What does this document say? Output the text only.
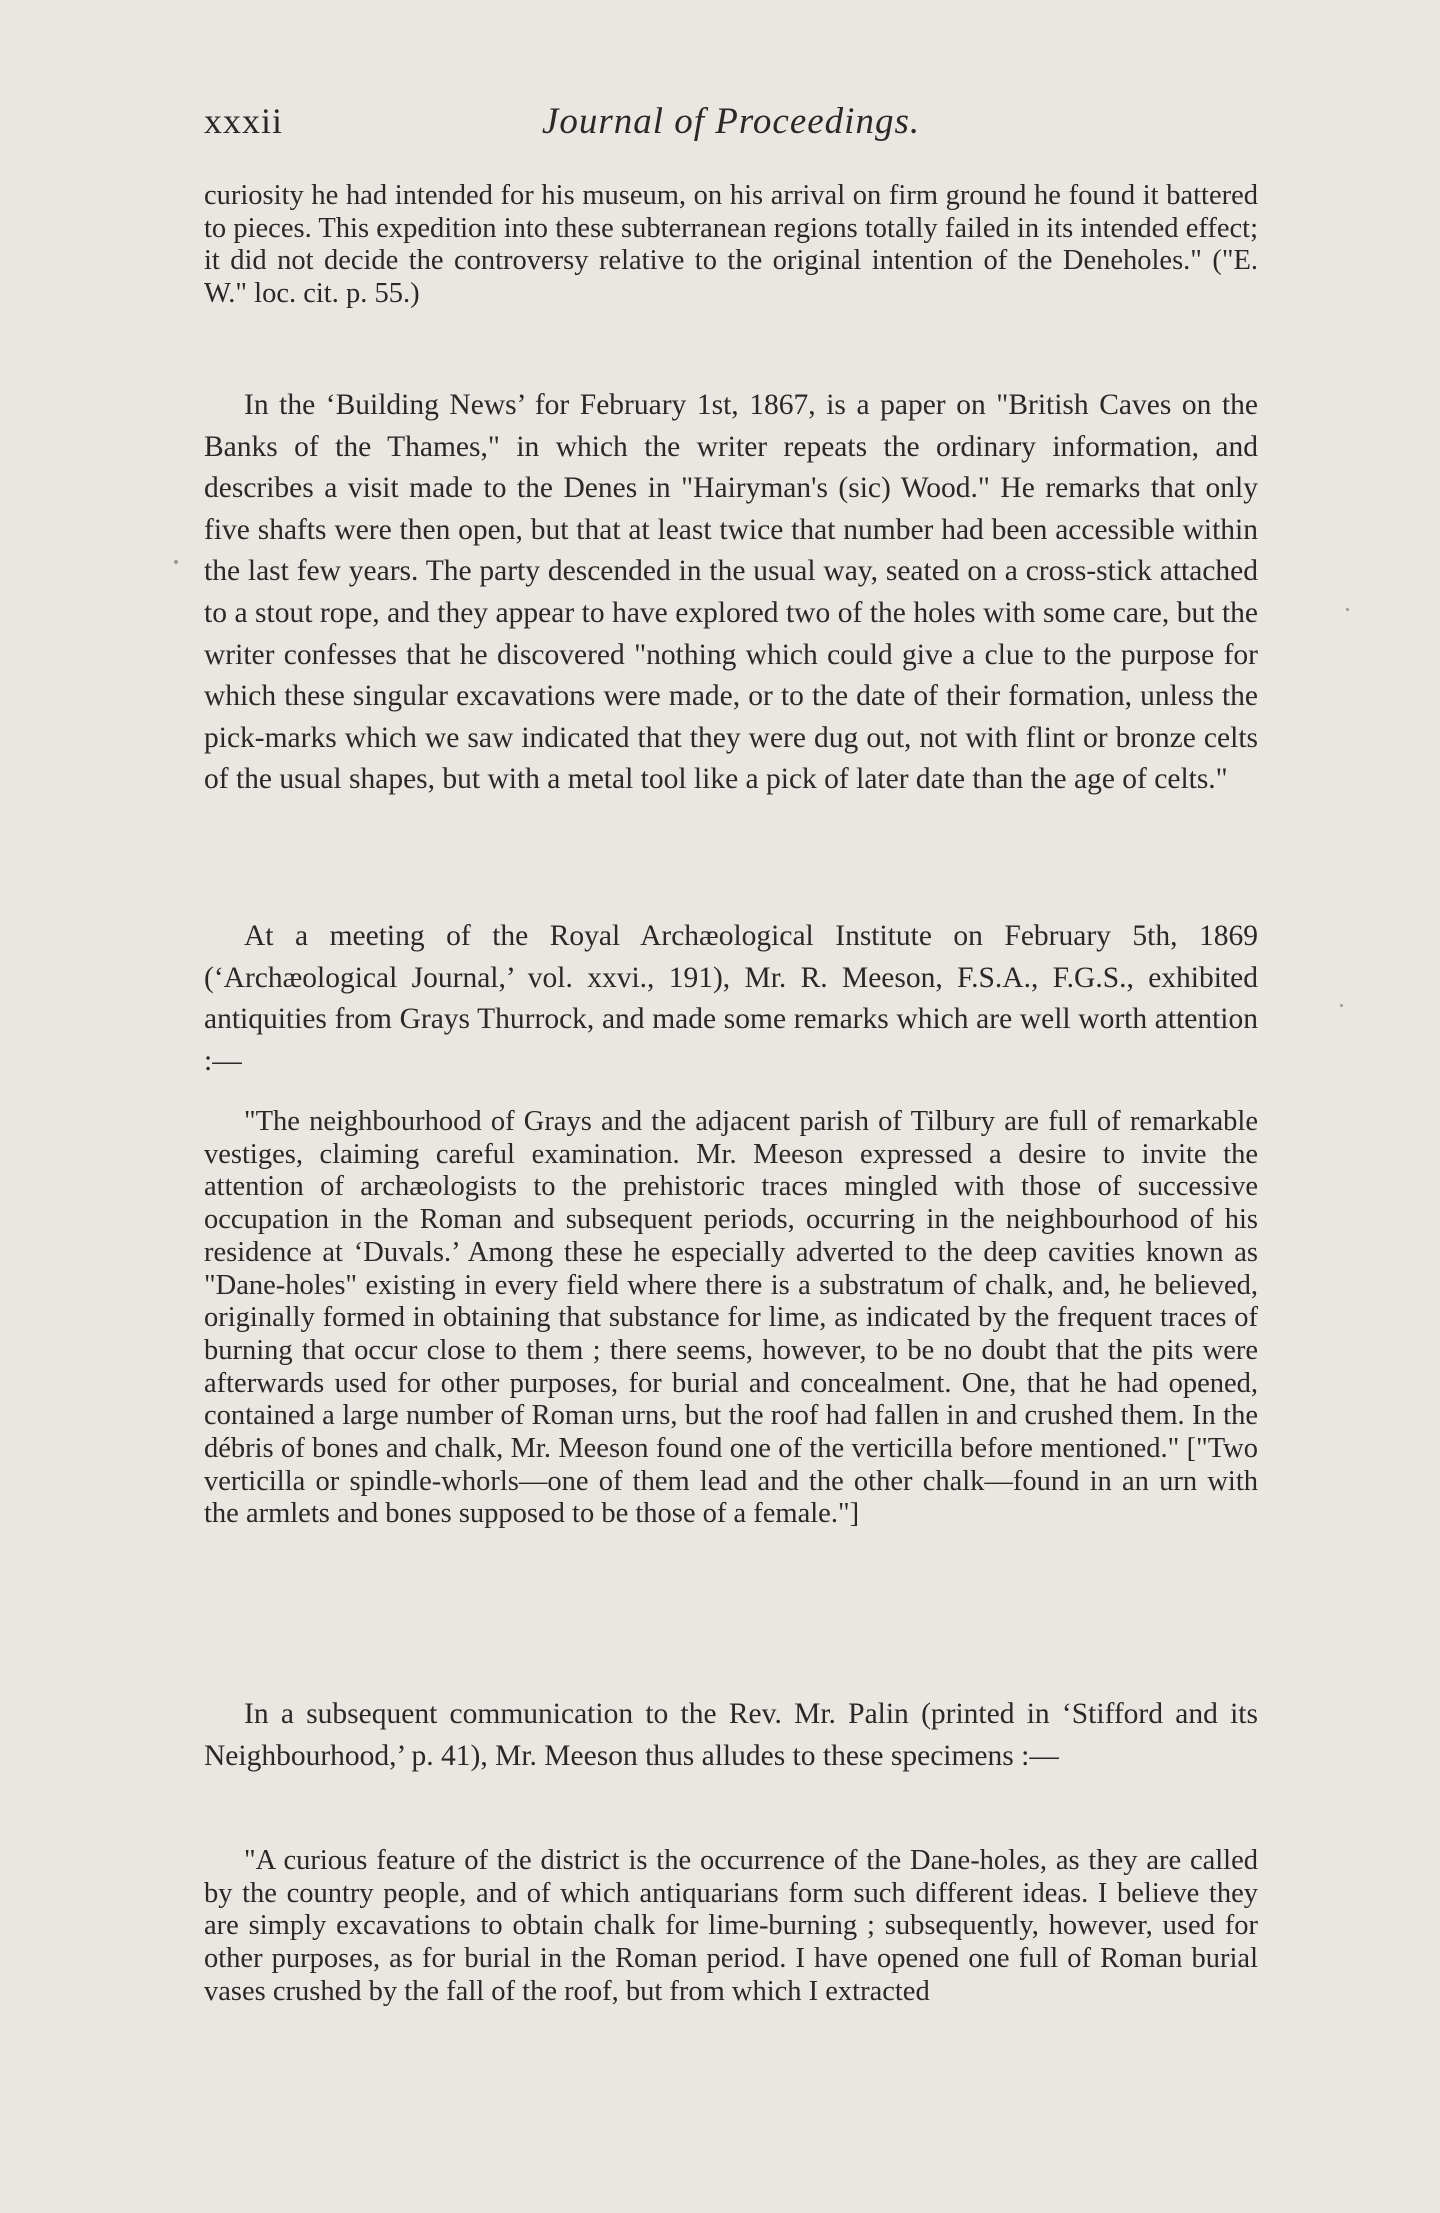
xxxii	Journal of Proceedings.

curiosity he had intended for his museum, on his arrival on firm ground he found it battered to pieces. This expedition into these subterranean regions totally failed in its intended effect; it did not decide the controversy relative to the original intention of the Deneholes." ("E. W." loc. cit. p. 55.)

In the ‘Building News’ for February 1st, 1867, is a paper on "British Caves on the Banks of the Thames," in which the writer repeats the ordinary information, and describes a visit made to the Denes in "Hairyman's (sic) Wood." He remarks that only five shafts were then open, but that at least twice that number had been accessible within the last few years. The party descended in the usual way, seated on a cross-stick attached to a stout rope, and they appear to have explored two of the holes with some care, but the writer confesses that he discovered "nothing which could give a clue to the purpose for which these singular excavations were made, or to the date of their formation, unless the pick-marks which we saw indicated that they were dug out, not with flint or bronze celts of the usual shapes, but with a metal tool like a pick of later date than the age of celts."

At a meeting of the Royal Archæological Institute on February 5th, 1869 (‘Archæological Journal,’ vol. xxvi., 191), Mr. R. Meeson, F.S.A., F.G.S., exhibited antiquities from Grays Thurrock, and made some remarks which are well worth attention :—

"The neighbourhood of Grays and the adjacent parish of Tilbury are full of remarkable vestiges, claiming careful examination. Mr. Meeson expressed a desire to invite the attention of archæologists to the prehistoric traces mingled with those of successive occupation in the Roman and subsequent periods, occurring in the neighbourhood of his residence at ‘Duvals.’ Among these he especially adverted to the deep cavities known as "Dane-holes" existing in every field where there is a substratum of chalk, and, he believed, originally formed in obtaining that substance for lime, as indicated by the frequent traces of burning that occur close to them ; there seems, however, to be no doubt that the pits were afterwards used for other purposes, for burial and concealment. One, that he had opened, contained a large number of Roman urns, but the roof had fallen in and crushed them. In the débris of bones and chalk, Mr. Meeson found one of the verticilla before mentioned." ["Two verticilla or spindle-whorls—one of them lead and the other chalk—found in an urn with the armlets and bones supposed to be those of a female."]

In a subsequent communication to the Rev. Mr. Palin (printed in ‘Stifford and its Neighbourhood,’ p. 41), Mr. Meeson thus alludes to these specimens :—

"A curious feature of the district is the occurrence of the Dane-holes, as they are called by the country people, and of which antiquarians form such different ideas. I believe they are simply excavations to obtain chalk for lime-burning ; subsequently, however, used for other purposes, as for burial in the Roman period. I have opened one full of Roman burial vases crushed by the fall of the roof, but from which I extracted
